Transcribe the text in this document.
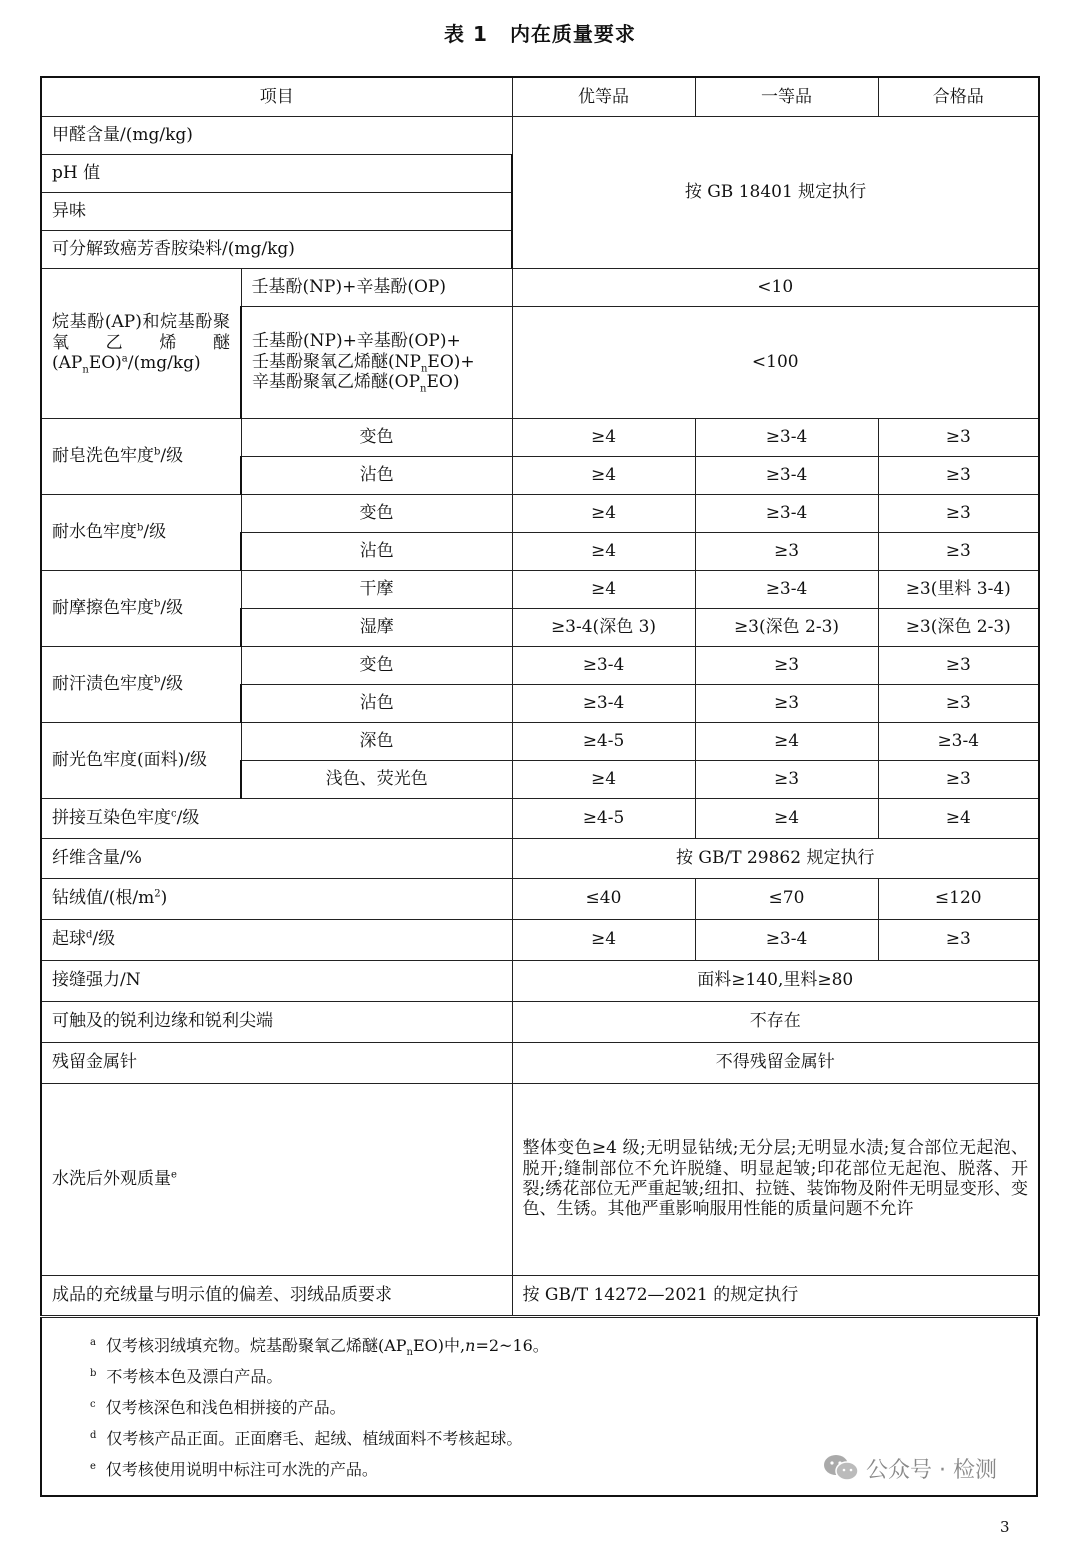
表 1 内在质量要求
项目		优等品	一等品	合格品
甲醛含量/(mg/kg)		按 GB 18401 规定执行		
pH 值				
异味				
可分解致癌芳香胺染料/(mg/kg)				
烷基酚(AP)和烷基酚聚氧乙烯醚$(AP_nEO)^a/(mg/kg)$	壬基酚(NP)+辛基酚(OP)	<10		
	壬基酚(NP)+辛基酚(OP)+
壬基酚聚氧乙烯醚$(NP_nEO)+$
辛基酚聚氧乙烯醚$(OP_nEO)$	<100		
耐皂洗色牢度$^b$/级	变色	≥4	≥3-4	≥3
	沾色	≥4	≥3-4	≥3
耐水色牢度$^b$/级	变色	≥4	≥3-4	≥3
	沾色	≥4	≥3	≥3
耐摩擦色牢度$^b$/级	干摩	≥4	≥3-4	≥3(里料 3-4)
	湿摩	≥3-4(深色 3)	≥3(深色 2-3)	≥3(深色 2-3)
耐汗渍色牢度$^b$/级	变色	≥3-4	≥3	≥3
	沾色	≥3-4	≥3	≥3
耐光色牢度(面料)/级	深色	≥4-5	≥4	≥3-4
	浅色、荧光色	≥4	≥3	≥3
拼接互染色牢度$^c$/级		≥4-5	≥4	≥4
纤维含量/%		按 GB/T 29862 规定执行		
钻绒值/(根$/m^2$)		≤40	≤70	≤120
起球$^d$/级		≥4	≥3-4	≥3
接缝强力/N		面料≥140,里料≥80		
可触及的锐利边缘和锐利尖端		不存在		
残留金属针		不得残留金属针		
水洗后外观质量$^e$		整体变色≥4 级;无明显钻绒;无分层;无明显水渍;复合部位无起泡、脱开;缝制部位不允许脱缝、明显起皱;印花部位无起泡、脱落、开裂;绣花部位无严重起皱;纽扣、拉链、装饰物及附件无明显变形、变色、生锈。其他严重影响服用性能的质量问题不允许		
成品的充绒量与明示值的偏差、羽绒品质要求		按 GB/T 14272—2021 的规定执行		
$^a$ 仅考核羽绒填充物。烷基酚聚氧乙烯醚$(AP_nEO)$中,n=2~16。
$^b$ 不考核本色及漂白产品。
$^c$ 仅考核深色和浅色相拼接的产品。
$^d$ 仅考核产品正面。正面磨毛、起绒、植绒面料不考核起球。
$^e$ 仅考核使用说明中标注可水洗的产品。	公众号 · 检测
3
